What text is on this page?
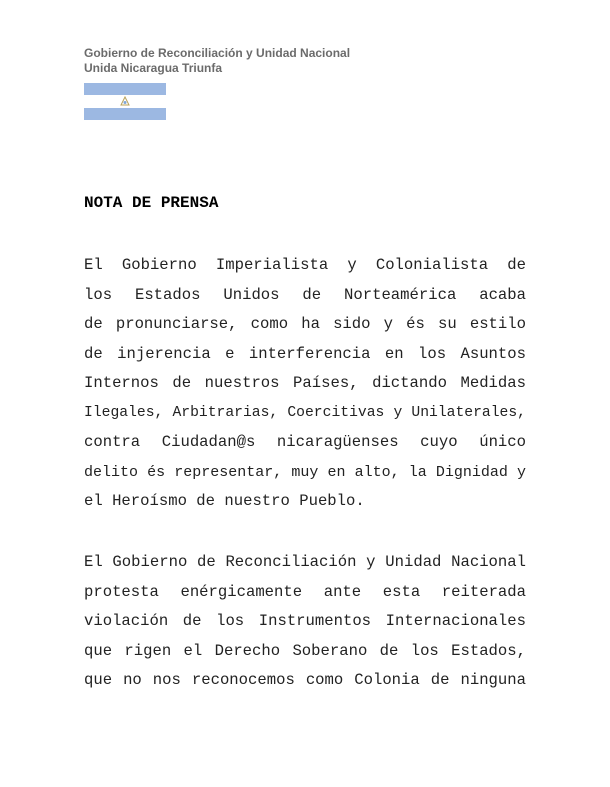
Gobierno de Reconciliación y Unidad Nacional
Unida Nicaragua Triunfa
NOTA DE PRENSA
El Gobierno Imperialista y Colonialista de
los Estados Unidos de Norteamérica acaba
de pronunciarse, como ha sido y és su estilo
de injerencia e interferencia en los Asuntos
Internos de nuestros Países, dictando Medidas
Ilegales, Arbitrarias, Coercitivas y Unilaterales,
contra Ciudadan@s nicaragüenses cuyo único
delito és representar, muy en alto, la Dignidad y
el Heroísmo de nuestro Pueblo.
El Gobierno de Reconciliación y Unidad Nacional
protesta enérgicamente ante esta reiterada
violación de los Instrumentos Internacionales
que rigen el Derecho Soberano de los Estados,
que no nos reconocemos como Colonia de ninguna
